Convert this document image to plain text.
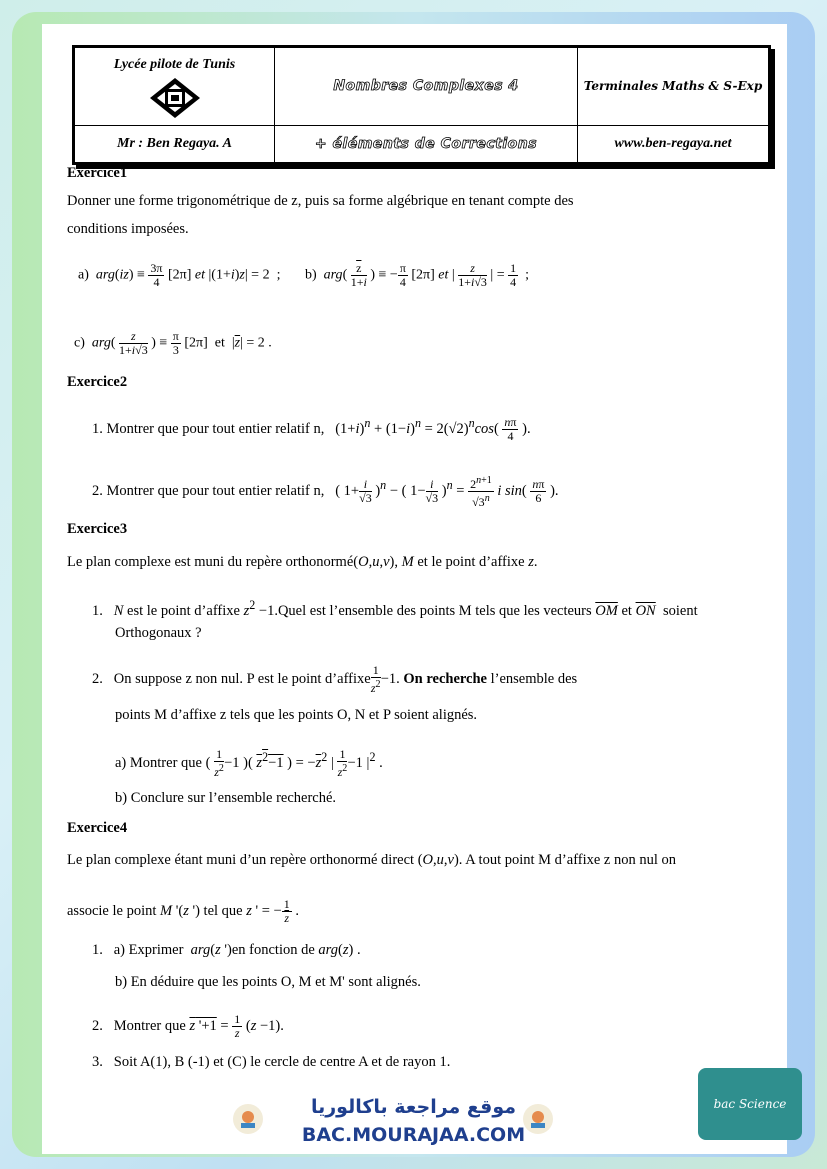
Lycée pilote de Tunis	Nombres Complexes 4	Terminales Maths & S-Exp
Mr : Ben Regaya. A	+ éléments de Corrections	www.ben-regaya.net
Exercice1
Donner une forme trigonométrique de z, puis sa forme algébrique en tenant compte des
conditions imposées.
a)  $arg(iz) \equiv \frac{3\pi}{4} [2\pi]$ et |(1+i)z| = 2  ;       b)  $arg( \frac{\overline{z}}{1+i}$ ) ≡ − $\frac{\pi}{4} [2\pi]$ et | $\frac{z}{1+i√3}$ | = $\frac{1}{4}$ ;
c)  $arg( \frac{z}{1+i√3}$ ) ≡ $\frac{\pi}{3} [2\pi]$  et  $|\overline{z}| = 2$ .
Exercice2
1. Montrer que pour tout entier relatif n,   $(1+i)^n + (1-i)^n = 2(√2)^n\cos( \frac{n\pi}{4}$ ).
2. Montrer que pour tout entier relatif n,   ( $1+ \frac{i}{√3} )^n$ − ( $1- \frac{i}{√3} )^n = \frac{2^{n+1}}{√3^n}$ i $\sin( \frac{n\pi}{6}$ ).
Exercice3
Le plan complexe est muni du repère orthonormé(O,u,v), M et le point d’affixe z.
1.   N est le point d’affixe $z^2$ −1.Quel est l’ensemble des points M tels que les vecteurs $\overline{OM}$ et $\overline{ON}$  soient
Orthogonaux ?
2.   On suppose z non nul. P est le point d’affixe $\frac{1}{z^2} -1$. On recherche l’ensemble des
points M d’affixe z tels que les points O, N et P soient alignés.
a) Montrer que ( $\frac{1}{z^2} -1$ )( $z^2-1$ ) = $-\overline{z}^2$ | $\frac{1}{z^2} -1$ $|^2$ .
b) Conclure sur l’ensemble recherché.
Exercice4
Le plan complexe étant muni d’un repère orthonormé direct (O,u,v). A tout point M d’affixe z non nul on
associe le point M '(z ') tel que z ' = − $\frac{1}{z}$ .
1.   a) Exprimer arg(z ')en fonction de arg(z) .
b) En déduire que les points O, M et M' sont alignés.
2.   Montrer que z '$+1 = \frac{1}{z} (z -1)$.
3.   Soit A(1), B (-1) et (C) le cercle de centre A et de rayon 1.
موقع مراجعة باكالوريا
BAC.MOURAJAA.COM
bac Science
